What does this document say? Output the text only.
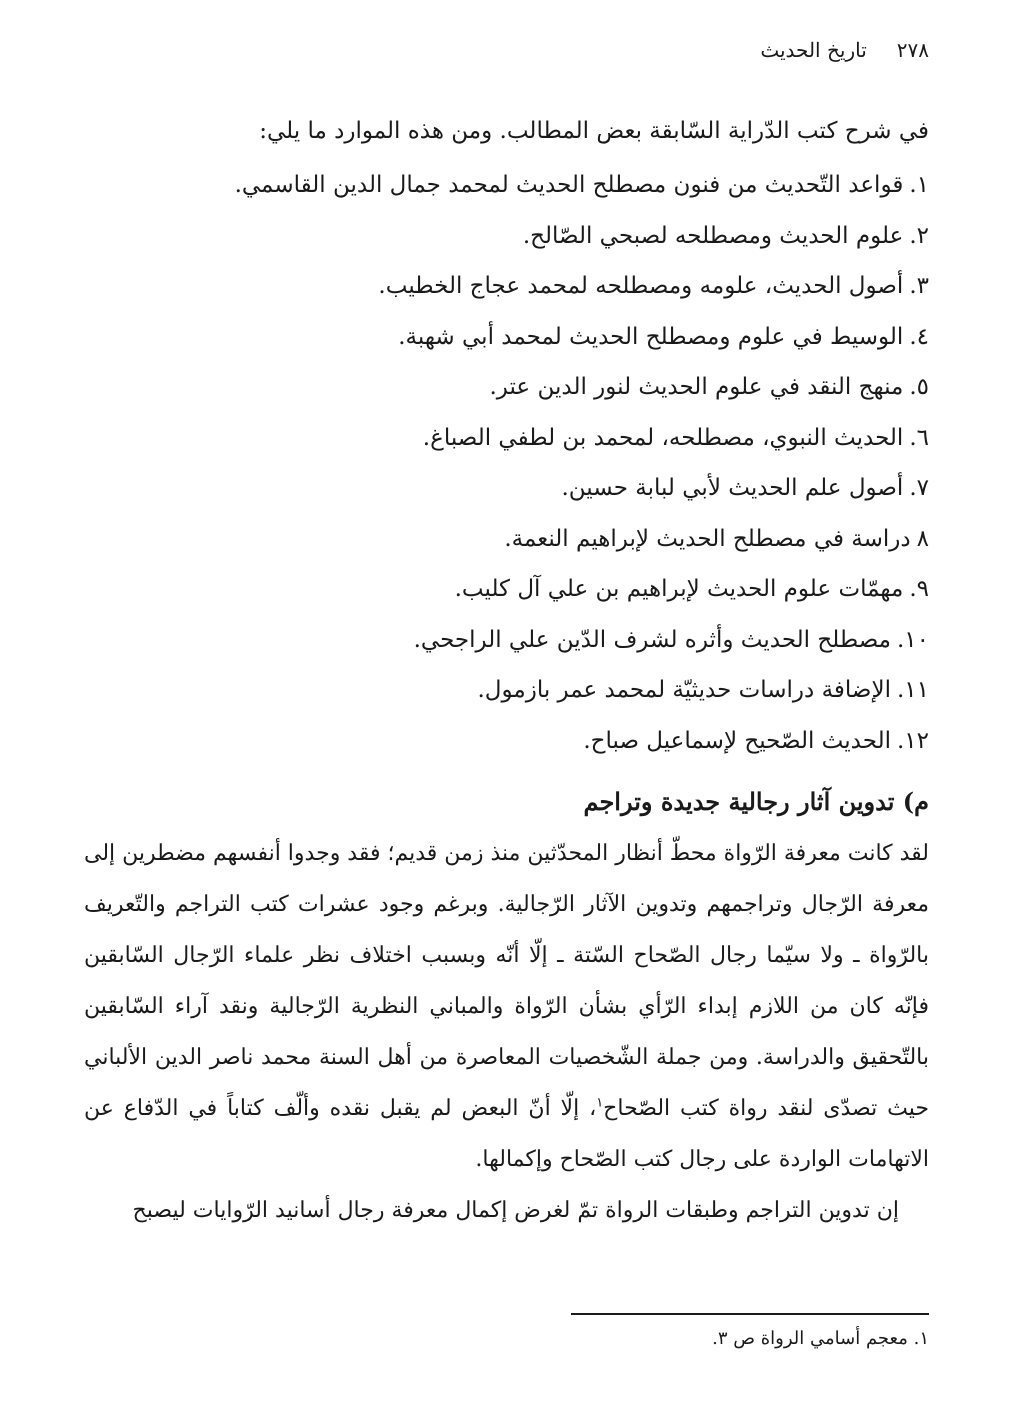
٢٧٨
تاريخ الحديث
في شرح كتب الدّراية السّابقة بعض المطالب. ومن هذه الموارد ما يلي:
١.
قواعد التّحديث من فنون مصطلح الحديث لمحمد جمال الدين القاسمي.
٢.
علوم الحديث ومصطلحه لصبحي الصّالح.
٣.
أصول الحديث، علومه ومصطلحه لمحمد عجاج الخطيب.
٤.
الوسيط في علوم ومصطلح الحديث لمحمد أبي شهبة.
٥.
منهج النقد في علوم الحديث لنور الدين عتر.
٦.
الحديث النبوي، مصطلحه، لمحمد بن لطفي الصباغ.
٧.
أصول علم الحديث لأبي لبابة حسين.
٨
دراسة في مصطلح الحديث لإبراهيم النعمة.
٩.
مهمّات علوم الحديث لإبراهيم بن علي آل كليب.
١٠.
مصطلح الحديث وأثره لشرف الدّين علي الراجحي.
١١.
الإضافة دراسات حديثيّة لمحمد عمر بازمول.
١٢.
الحديث الصّحيح لإسماعيل صباح.
م) تدوين آثار رجالية جديدة وتراجم

لقد كانت معرفة الرّواة محطّ أنظار المحدّثين منذ زمن قديم؛ فقد وجدوا أنفسهم مضطرين إلى معرفة الرّجال وتراجمهم وتدوين الآثار الرّجالية. وبرغم وجود عشرات كتب التراجم والتّعريف بالرّواة ـ ولا سيّما رجال الصّحاح السّتة ـ إلّا أنّه وبسبب اختلاف نظر علماء الرّجال السّابقين فإنّه كان من اللازم إبداء الرّأي بشأن الرّواة والمباني النظرية الرّجالية ونقد آراء السّابقين بالتّحقيق والدراسة. ومن جملة الشّخصيات المعاصرة من أهل السنة محمد ناصر الدين الألباني حيث تصدّى لنقد رواة كتب الصّحاح$^١$، إلّا أنّ البعض لم يقبل نقده وألّف كتاباً في الدّفاع عن الاتهامات الواردة على رجال كتب الصّحاح وإكمالها.

إن تدوين التراجم وطبقات الرواة تمّ لغرض إكمال معرفة رجال أسانيد الرّوايات ليصبح

١. معجم أسامي الرواة ص ٣.
